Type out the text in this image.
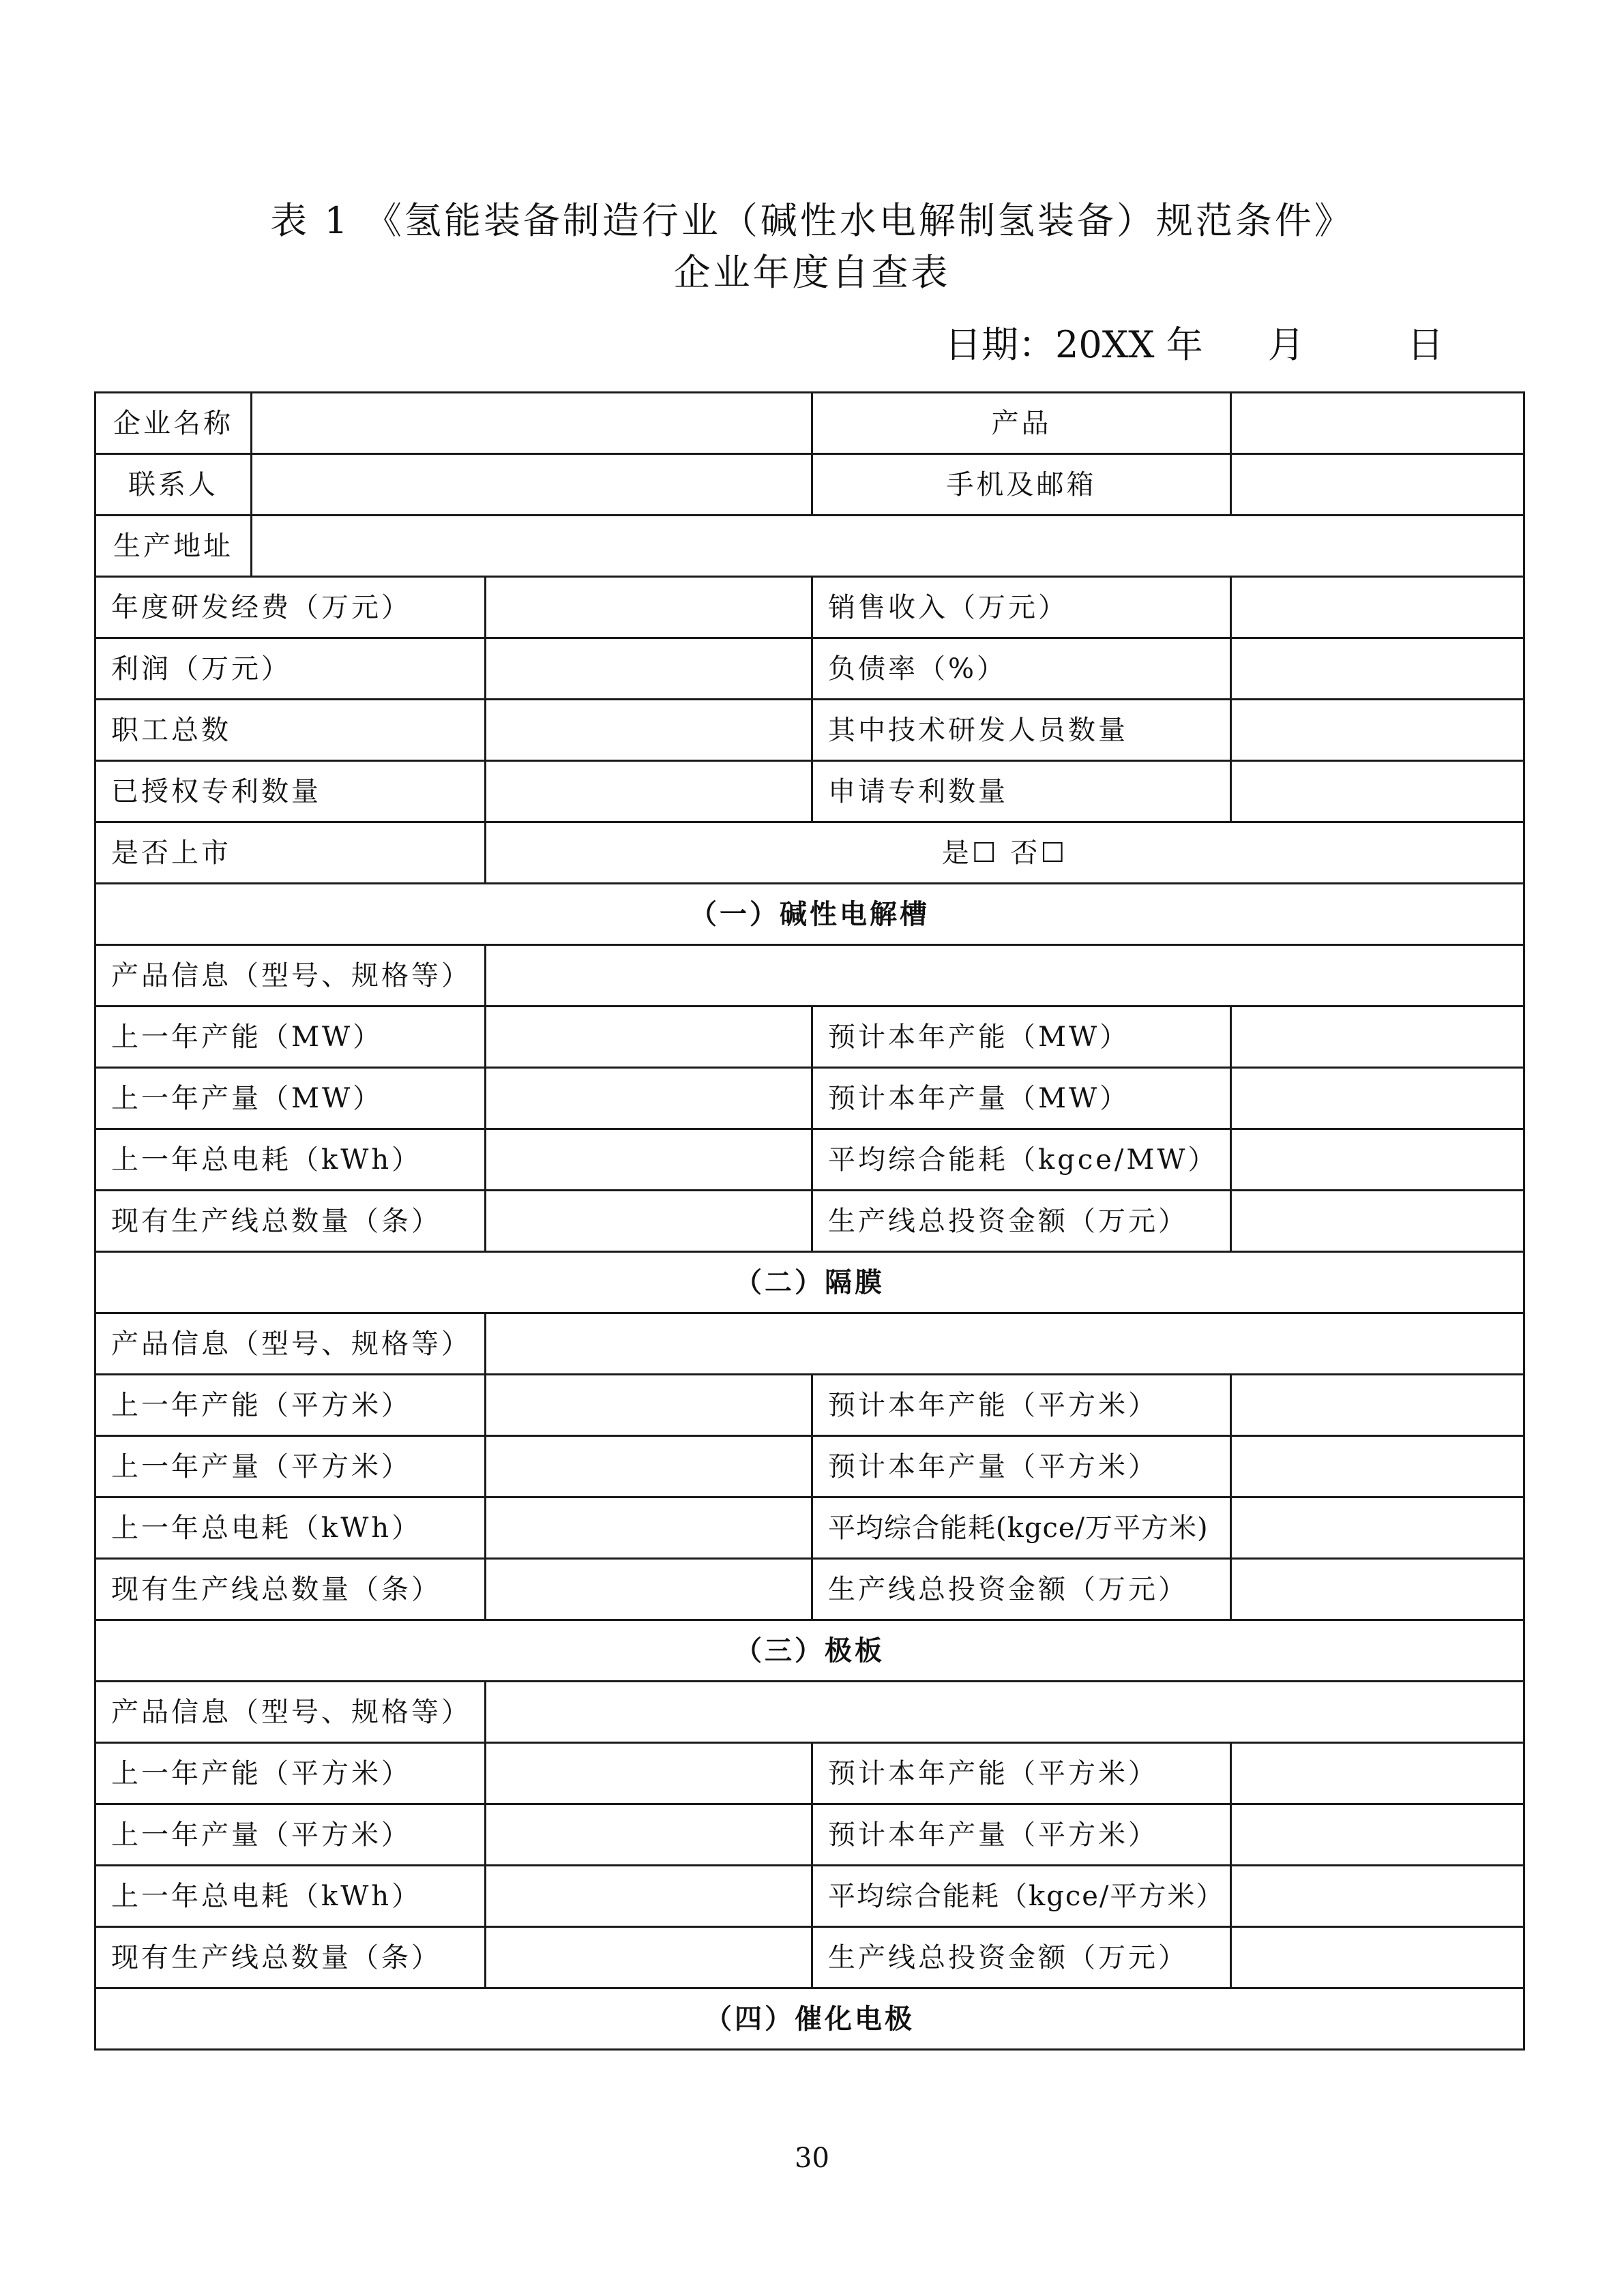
表 1 《氢能装备制造行业（碱性水电解制氢装备）规范条件》
企业年度自查表
日期：20XX 年 月	日
企业名称			产品	
联系人			手机及邮箱	
生产地址				
年度研发经费（万元）			销售收入（万元）	
利润（万元）			负债率（%）	
职工总数			其中技术研发人员数量	
已授权专利数量			申请专利数量	
是否上市		是☐ 否☐		
（一）碱性电解槽				
产品信息（型号、规格等）				
上一年产能（MW）			预计本年产能（MW）	
上一年产量（MW）			预计本年产量（MW）	
上一年总电耗（kWh）			平均综合能耗（kgce/MW）	
现有生产线总数量（条）			生产线总投资金额（万元）	
（二）隔膜				
产品信息（型号、规格等）				
上一年产能（平方米）			预计本年产能（平方米）	
上一年产量（平方米）			预计本年产量（平方米）	
上一年总电耗（kWh）			平均综合能耗(kgce/万平方米)	
现有生产线总数量（条）			生产线总投资金额（万元）	
（三）极板				
产品信息（型号、规格等）				
上一年产能（平方米）			预计本年产能（平方米）	
上一年产量（平方米）			预计本年产量（平方米）	
上一年总电耗（kWh）			平均综合能耗（kgce/平方米）	
现有生产线总数量（条）			生产线总投资金额（万元）	
（四）催化电极				
30
